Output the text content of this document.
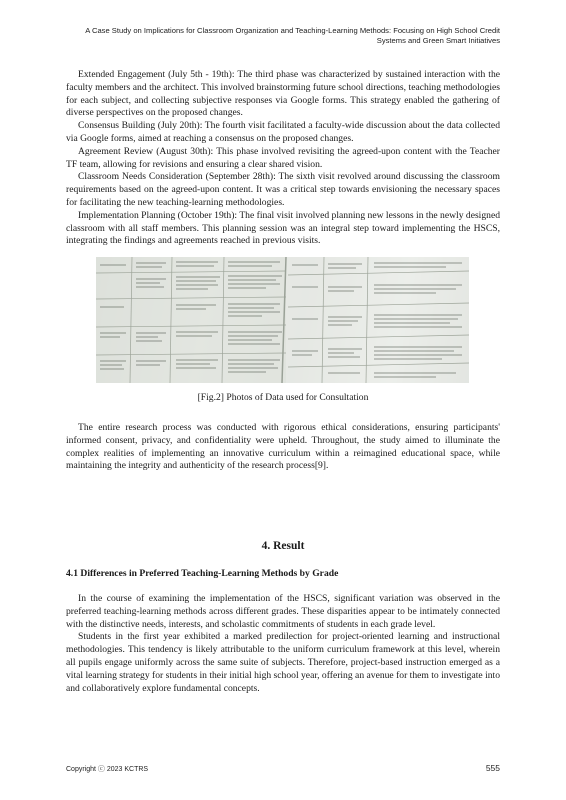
A Case Study on Implications for Classroom Organization and Teaching-Learning Methods: Focusing on High School Credit
Systems and Green Smart Initiatives

Extended Engagement (July 5th - 19th): The third phase was characterized by sustained interaction with the faculty members and the architect. This involved brainstorming future school directions, teaching methodologies for each subject, and collecting subjective responses via Google forms. This strategy enabled the gathering of diverse perspectives on the proposed changes.

Consensus Building (July 20th): The fourth visit facilitated a faculty-wide discussion about the data collected via Google forms, aimed at reaching a consensus on the proposed changes.

Agreement Review (August 30th): This phase involved revisiting the agreed-upon content with the Teacher TF team, allowing for revisions and ensuring a clear shared vision.

Classroom Needs Consideration (September 28th): The sixth visit revolved around discussing the classroom requirements based on the agreed-upon content. It was a critical step towards envisioning the necessary spaces for facilitating the new teaching-learning methodologies.

Implementation Planning (October 19th): The final visit involved planning new lessons in the newly designed classroom with all staff members. This planning session was an integral step toward implementing the HSCS, integrating the findings and agreements reached in previous visits.

[Fig.2] Photos of Data used for Consultation

The entire research process was conducted with rigorous ethical considerations, ensuring participants' informed consent, privacy, and confidentiality were upheld. Throughout, the study aimed to illuminate the complex realities of implementing an innovative curriculum within a reimagined educational space, while maintaining the integrity and authenticity of the research process[9].

4. Result
4.1 Differences in Preferred Teaching-Learning Methods by Grade

In the course of examining the implementation of the HSCS, significant variation was observed in the preferred teaching-learning methods across different grades. These disparities appear to be intimately connected with the distinctive needs, interests, and scholastic commitments of students in each grade level.

Students in the first year exhibited a marked predilection for project-oriented learning and instructional methodologies. This tendency is likely attributable to the uniform curriculum framework at this level, wherein all pupils engage uniformly across the same suite of subjects. Therefore, project-based instruction emerged as a vital learning strategy for students in their initial high school year, offering an avenue for them to investigate into and collaboratively explore fundamental concepts.

Copyright ⓒ 2023 KCTRS	555
